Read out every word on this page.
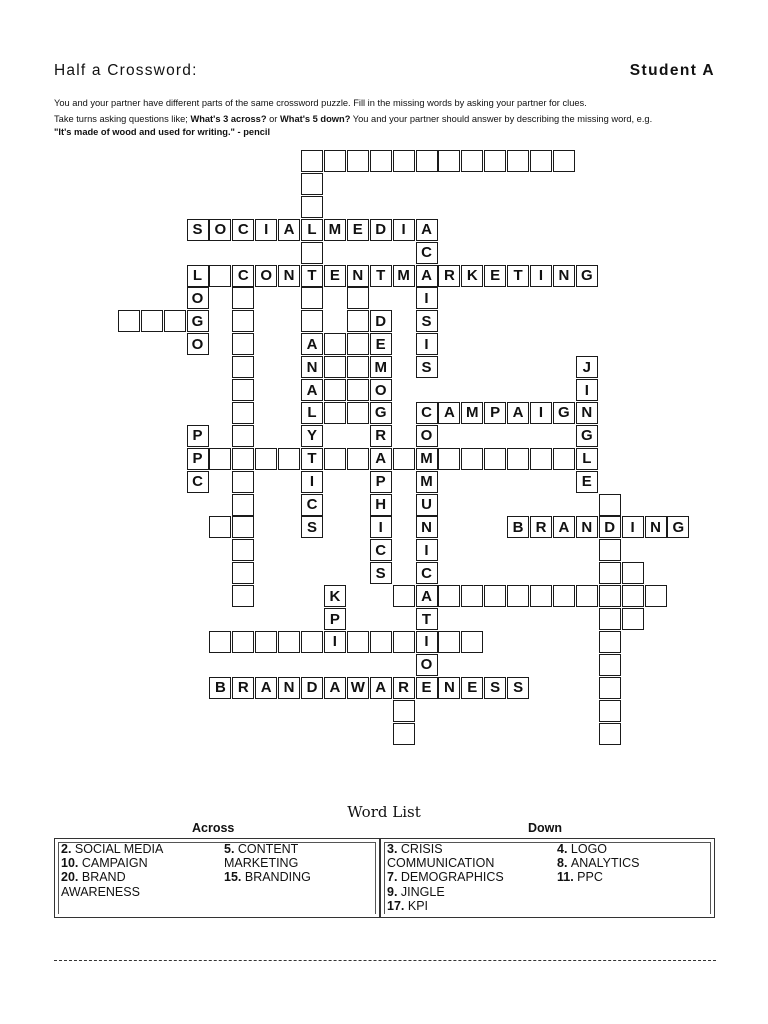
Half a Crossword:	Student A
You and your partner have different parts of the same crossword puzzle. Fill in the missing words by asking your partner for clues.
Take turns asking questions like; What's 3 across? or What's 5 down? You and your partner should answer by describing the missing word, e.g.
"It's made of wood and used for writing." - pencil
S O C	I	A L M E D	I	A
C
L	C O N T E N T M A R K E T	I	N G
O	I
G	D	S
O	A	E	I
N	M	S	J
A	O	I
L	G	C A M P A	I G N
P	Y	R	O	G
P	T	A	M	L
C	I	P	M	E
C	H	U
S	I	N	B R A N D	I	N G
C	I
S	C
K	A
P	T
I	I
O
B R A N D A W A R E N E S S
Word List
Across	Down
2. SOCIAL MEDIA
10. CAMPAIGN
20. BRAND
AWARENESS
5. CONTENT
MARKETING
15. BRANDING
3. CRISIS
COMMUNICATION
7. DEMOGRAPHICS
9. JINGLE
17. KPI
4. LOGO
8. ANALYTICS
11. PPC
